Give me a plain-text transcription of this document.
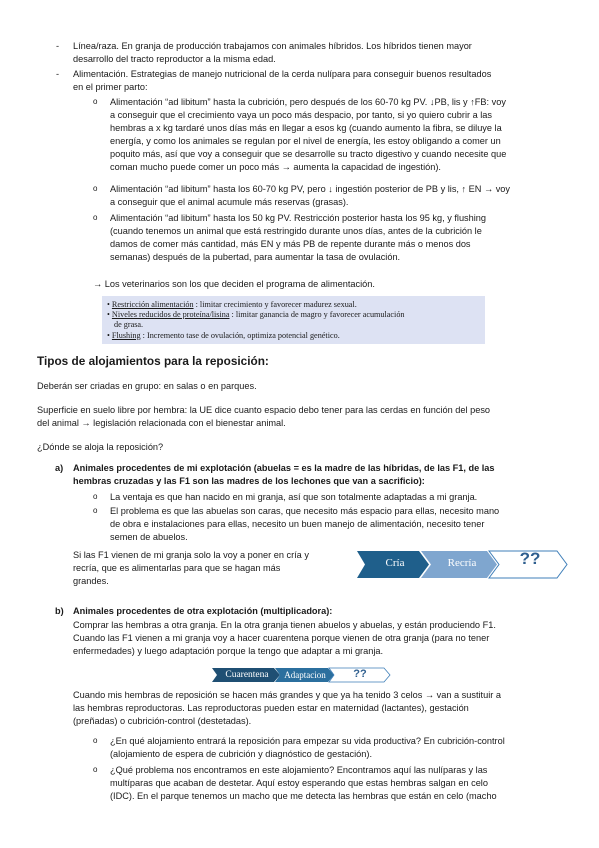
- Línea/raza. En granja de producción trabajamos con animales híbridos. Los híbridos tienen mayor

desarrollo del tracto reproductor a la misma edad.

- Alimentación. Estrategias de manejo nutricional de la cerda nulípara para conseguir buenos resultados

en el primer parto:

o Alimentación “ad libitum” hasta la cubrición, pero después de los 60-70 kg PV. ↓PB, lis y ↑FB: voy

a conseguir que el crecimiento vaya un poco más despacio, por tanto, si yo quiero cubrir a las

hembras a x kg tardaré unos días más en llegar a esos kg (cuando aumento la fibra, se diluye la

energía, y como los animales se regulan por el nivel de energía, les estoy obligando a comer un

poquito más, así que voy a conseguir que se desarrolle su tracto digestivo y cuando necesite que

coman mucho puede comer un poco más → aumenta la capacidad de ingestión).

o Alimentación “ad libitum” hasta los 60-70 kg PV, pero ↓ ingestión posterior de PB y lis, ↑ EN → voy

a conseguir que el animal acumule más reservas (grasas).

o Alimentación “ad libitum” hasta los 50 kg PV. Restricción posterior hasta los 95 kg, y flushing

(cuando tenemos un animal que está restringido durante unos días, antes de la cubrición le

damos de comer más cantidad, más EN y más PB de repente durante más o menos dos

semanas) después de la pubertad, para aumentar la tasa de ovulación.

→ Los veterinarios son los que deciden el programa de alimentación.

• Restricción alimentación : limitar crecimiento y favorecer madurez sexual.
• Niveles reducidos de proteína/lisina : limitar ganancia de magro y favorecer acumulación
de grasa.
• Flushing : Incremento tase de ovulación, optimiza potencial genético.

Tipos de alojamientos para la reposición:

Deberán ser criadas en grupo: en salas o en parques.

Superficie en suelo libre por hembra: la UE dice cuanto espacio debo tener para las cerdas en función del peso

del animal → legislación relacionada con el bienestar animal.

¿Dónde se aloja la reposición?

a) Animales procedentes de mi explotación (abuelas = es la madre de las híbridas, de las F1, de las

hembras cruzadas y las F1 son las madres de los lechones que van a sacrificio):

o La ventaja es que han nacido en mi granja, así que son totalmente adaptadas a mi granja.

o El problema es que las abuelas son caras, que necesito más espacio para ellas, necesito mano

de obra e instalaciones para ellas, necesito un buen manejo de alimentación, necesito tener

semen de abuelos.

Si las F1 vienen de mi granja solo la voy a poner en cría y

recría, que es alimentarlas para que se hagan más

grandes.

Cría	Recría	??
b) Animales procedentes de otra explotación (multiplicadora):

Comprar las hembras a otra granja. En la otra granja tienen abuelos y abuelas, y están produciendo F1.

Cuando las F1 vienen a mi granja voy a hacer cuarentena porque vienen de otra granja (para no tener

enfermedades) y luego adaptación porque la tengo que adaptar a mi granja.

Cuarentena	Adaptacion	??

Cuando mis hembras de reposición se hacen más grandes y que ya ha tenido 3 celos → van a sustituir a

las hembras reproductoras. Las reproductoras pueden estar en maternidad (lactantes), gestación

(preñadas) o cubrición-control (destetadas).

o ¿En qué alojamiento entrará la reposición para empezar su vida productiva? En cubrición-control

(alojamiento de espera de cubrición y diagnóstico de gestación).

o ¿Qué problema nos encontramos en este alojamiento? Encontramos aquí las nulíparas y las

multíparas que acaban de destetar. Aquí estoy esperando que estas hembras salgan en celo

(IDC). En el parque tenemos un macho que me detecta las hembras que están en celo (macho
